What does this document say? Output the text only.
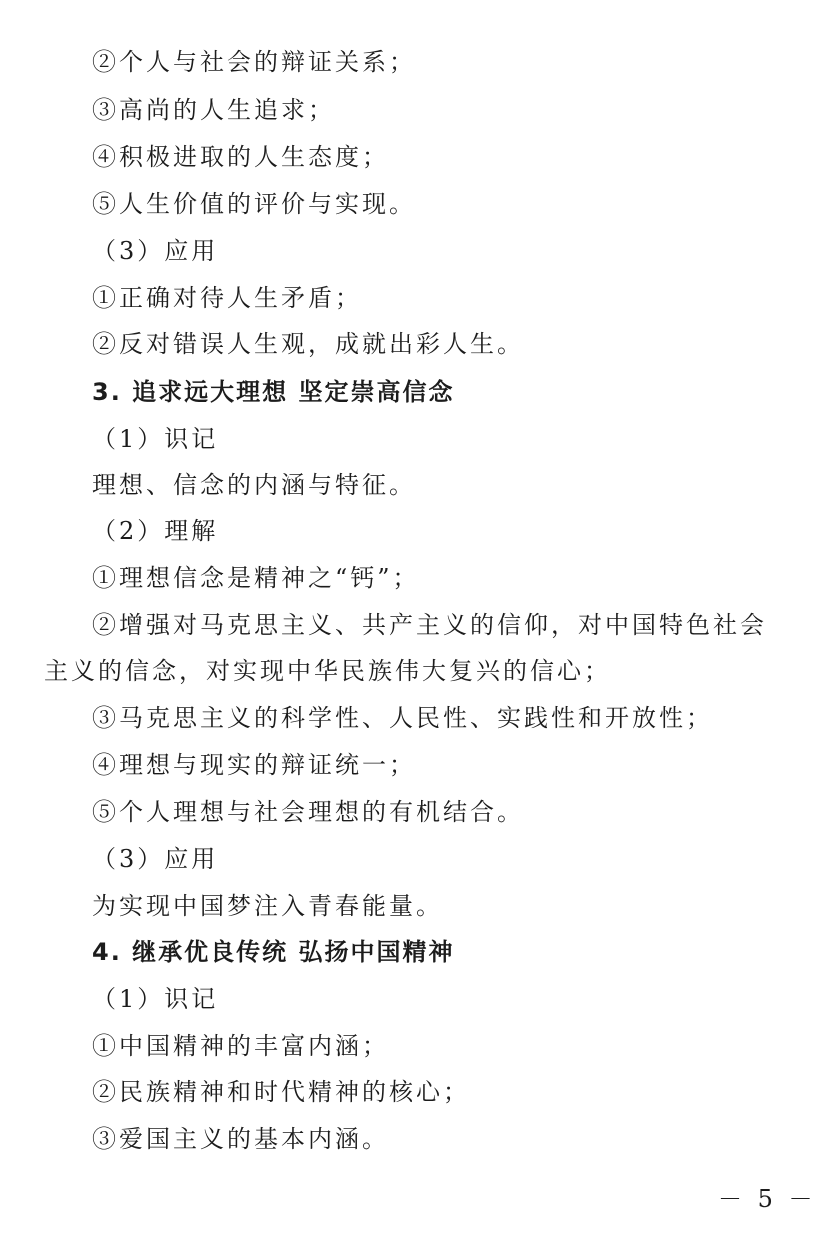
②个人与社会的辩证关系；
③高尚的人生追求；
④积极进取的人生态度；
⑤人生价值的评价与实现。
（3）应用
①正确对待人生矛盾；
②反对错误人生观，成就出彩人生。
3. 追求远大理想 坚定崇高信念
（1）识记
理想、信念的内涵与特征。
（2）理解
①理想信念是精神之“钙”；
②增强对马克思主义、共产主义的信仰，对中国特色社会
主义的信念，对实现中华民族伟大复兴的信心；
③马克思主义的科学性、人民性、实践性和开放性；
④理想与现实的辩证统一；
⑤个人理想与社会理想的有机结合。
（3）应用
为实现中国梦注入青春能量。
4. 继承优良传统 弘扬中国精神
（1）识记
①中国精神的丰富内涵；
②民族精神和时代精神的核心；
③爱国主义的基本内涵。
－ 5 －
